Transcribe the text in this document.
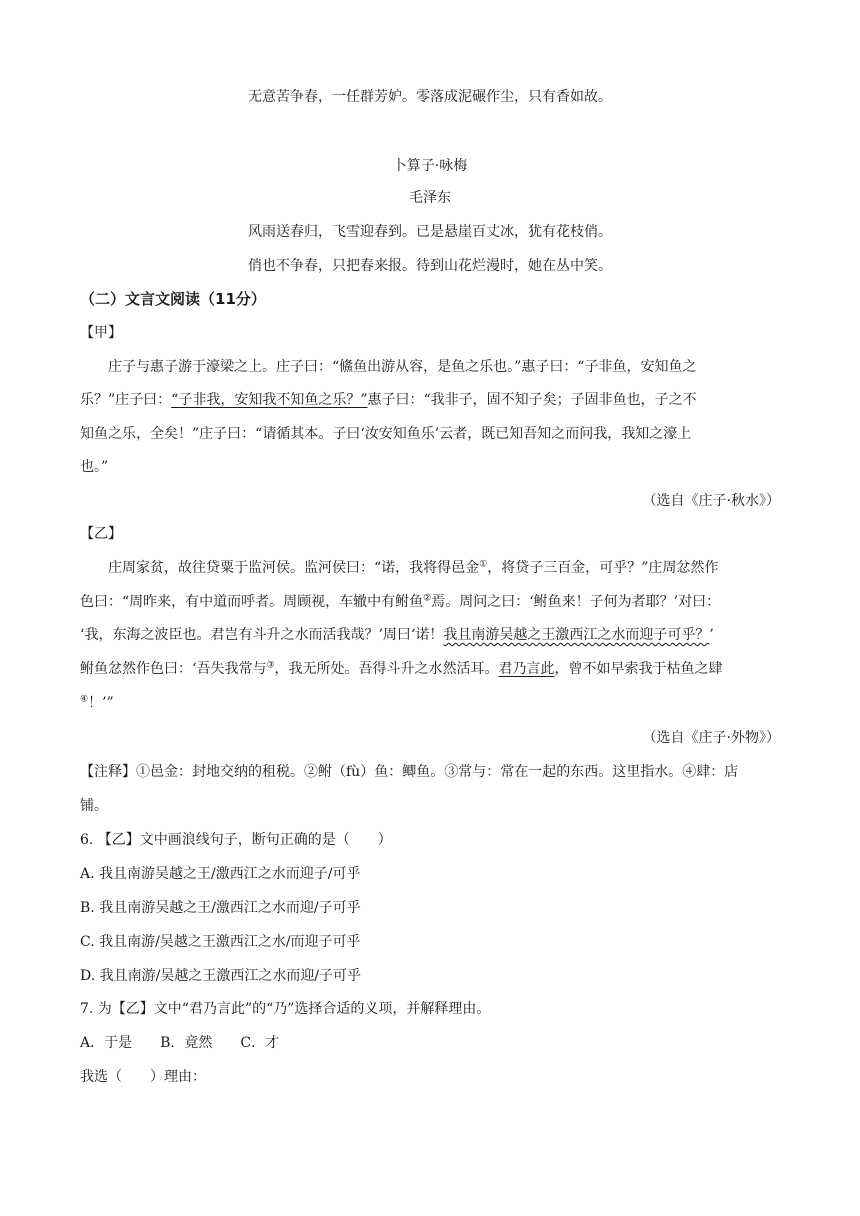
无意苦争春，一任群芳妒。零落成泥碾作尘，只有香如故。
卜算子·咏梅
毛泽东
风雨送春归，飞雪迎春到。已是悬崖百丈冰，犹有花枝俏。
俏也不争春，只把春来报。待到山花烂漫时，她在丛中笑。
（二）文言文阅读（11分）
【甲】
庄子与惠子游于濠梁之上。庄子曰：“鯈鱼出游从容，是鱼之乐也。”惠子曰：“子非鱼，安知鱼之
乐？”庄子曰：“子非我，安知我不知鱼之乐？”惠子曰：“我非子，固不知子矣；子固非鱼也，子之不
知鱼之乐，全矣！”庄子曰：“请循其本。子曰‘汝安知鱼乐’云者，既已知吾知之而问我，我知之濠上
也。”
（选自《庄子·秋水》）
【乙】
庄周家贫，故往贷粟于监河侯。监河侯曰：“诺，我将得邑金①，将贷子三百金，可乎？”庄周忿然作
色曰：“周昨来，有中道而呼者。周顾视，车辙中有鲋鱼②焉。周问之曰：‘鲋鱼来！子何为者耶？’对曰：
‘我，东海之波臣也。君岂有斗升之水而活我哉？’周曰‘诺！我且南游吴越之王激西江之水而迎子可乎？’
鲋鱼忿然作色曰：‘吾失我常与③，我无所处。吾得斗升之水然活耳。君乃言此，曾不如早索我于枯鱼之肆
④！’”
（选自《庄子·外物》）
【注释】①邑金：封地交纳的租税。②鲋（fù）鱼：鲫鱼。③常与：常在一起的东西。这里指水。④肆：店
铺。
6. 【乙】文中画浪线句子，断句正确的是（　　）
A. 我且南游吴越之王/激西江之水而迎子/可乎
B. 我且南游吴越之王/激西江之水而迎/子可乎
C. 我且南游/吴越之王激西江之水/而迎子可乎
D. 我且南游/吴越之王激西江之水而迎/子可乎
7. 为【乙】文中“君乃言此”的“乃”选择合适的义项，并解释理由。
A．于是 B．竟然 C．才
我选（　　）理由：
